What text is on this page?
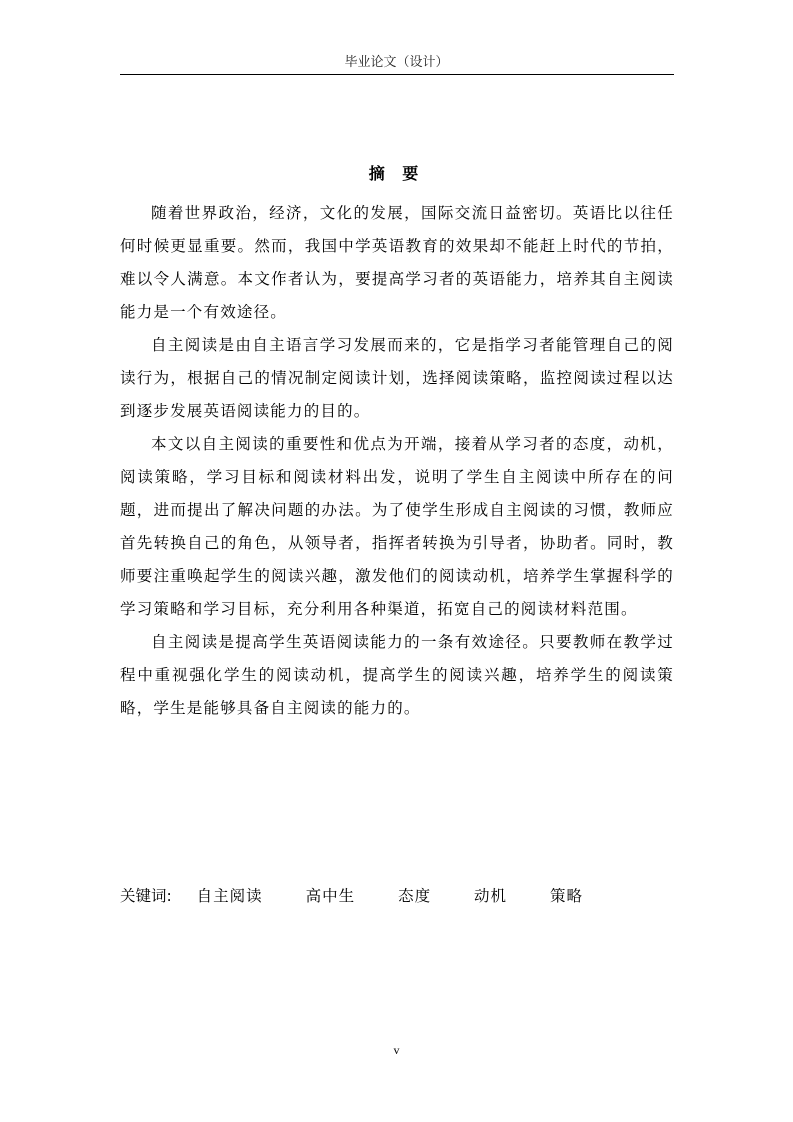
毕业论文（设计）
摘 要

随着世界政治，经济，文化的发展，国际交流日益密切。英语比以往任何时候更显重要。然而，我国中学英语教育的效果却不能赶上时代的节拍，难以令人满意。本文作者认为，要提高学习者的英语能力，培养其自主阅读能力是一个有效途径。

自主阅读是由自主语言学习发展而来的，它是指学习者能管理自己的阅读行为，根据自己的情况制定阅读计划，选择阅读策略，监控阅读过程以达到逐步发展英语阅读能力的目的。

本文以自主阅读的重要性和优点为开端，接着从学习者的态度，动机，阅读策略，学习目标和阅读材料出发，说明了学生自主阅读中所存在的问题，进而提出了解决问题的办法。为了使学生形成自主阅读的习惯，教师应首先转换自己的角色，从领导者，指挥者转换为引导者，协助者。同时，教师要注重唤起学生的阅读兴趣，激发他们的阅读动机，培养学生掌握科学的学习策略和学习目标，充分利用各种渠道，拓宽自己的阅读材料范围。

自主阅读是提高学生英语阅读能力的一条有效途径。只要教师在教学过程中重视强化学生的阅读动机，提高学生的阅读兴趣，培养学生的阅读策略，学生是能够具备自主阅读的能力的。

关键词: 自主阅读	高中生	态度	动机	策略
v
